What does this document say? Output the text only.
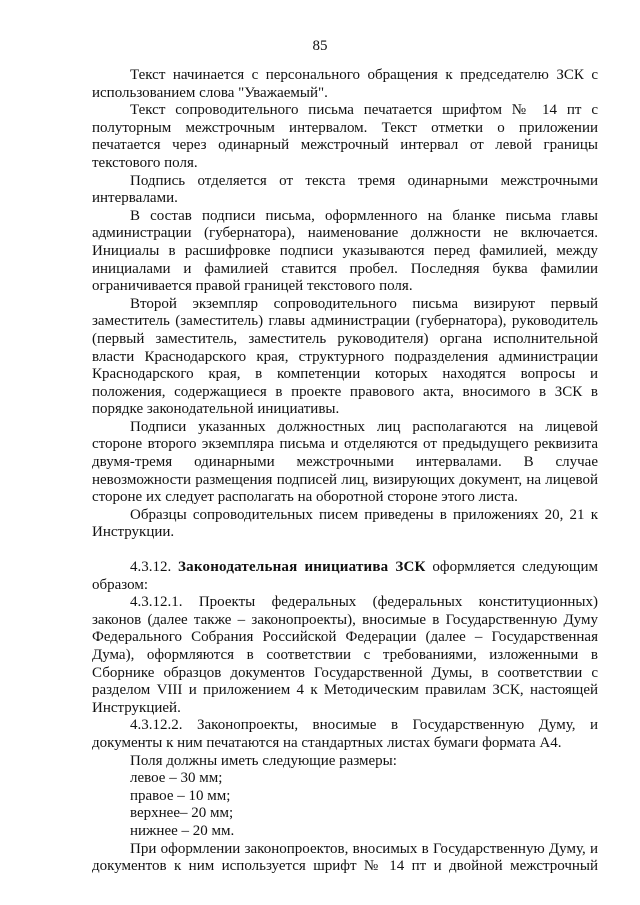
85

Текст начинается с персонального обращения к председателю ЗСК с использованием слова "Уважаемый".

Текст сопроводительного письма печатается шрифтом № 14 пт с полуторным межстрочным интервалом. Текст отметки о приложении печатается через одинарный межстрочный интервал от левой границы текстового поля.

Подпись отделяется от текста тремя одинарными межстрочными интервалами.

В состав подписи письма, оформленного на бланке письма главы администрации (губернатора), наименование должности не включается. Инициалы в расшифровке подписи указываются перед фамилией, между инициалами и фамилией ставится пробел. Последняя буква фамилии ограничивается правой границей текстового поля.

Второй экземпляр сопроводительного письма визируют первый заместитель (заместитель) главы администрации (губернатора), руководитель (первый заместитель, заместитель руководителя) органа исполнительной власти Краснодарского края, структурного подразделения администрации Краснодарского края, в компетенции которых находятся вопросы и положения, содержащиеся в проекте правового акта, вносимого в ЗСК в порядке законодательной инициативы.

Подписи указанных должностных лиц располагаются на лицевой стороне второго экземпляра письма и отделяются от предыдущего реквизита двумя-тремя одинарными межстрочными интервалами. В случае невозможности размещения подписей лиц, визирующих документ, на лицевой стороне их следует располагать на оборотной стороне этого листа.

Образцы сопроводительных писем приведены в приложениях 20, 21 к Инструкции.

4.3.12. Законодательная инициатива ЗСК оформляется следующим образом:

4.3.12.1. Проекты федеральных (федеральных конституционных) законов (далее также – законопроекты), вносимые в Государственную Думу Федерального Собрания Российской Федерации (далее – Государственная Дума), оформляются в соответствии с требованиями, изложенными в Сборнике образцов документов Государственной Думы, в соответствии с разделом VIII и приложением 4 к Методическим правилам ЗСК, настоящей Инструкцией.

4.3.12.2. Законопроекты, вносимые в Государственную Думу, и документы к ним печатаются на стандартных листах бумаги формата А4.

Поля должны иметь следующие размеры:

левое – 30 мм;

правое – 10 мм;

верхнее– 20 мм;

нижнее – 20 мм.

При оформлении законопроектов, вносимых в Государственную Думу, и документов к ним используется шрифт № 14 пт и двойной межстрочный
